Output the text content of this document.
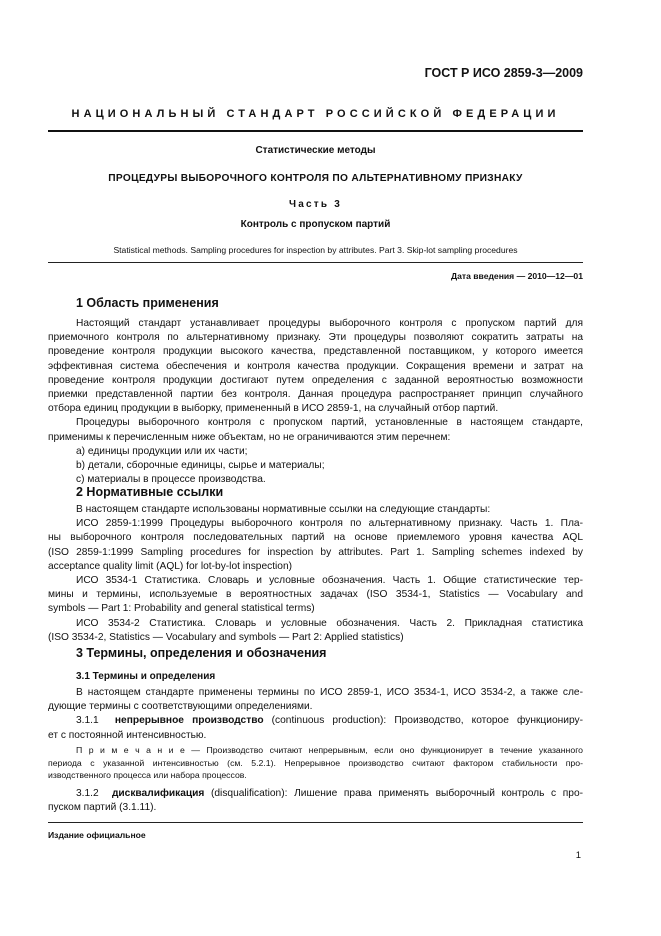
ГОСТ Р ИСО 2859-3—2009
НАЦИОНАЛЬНЫЙ СТАНДАРТ РОССИЙСКОЙ ФЕДЕРАЦИИ
Статистические методы
ПРОЦЕДУРЫ ВЫБОРОЧНОГО КОНТРОЛЯ ПО АЛЬТЕРНАТИВНОМУ ПРИЗНАКУ
Часть 3
Контроль с пропуском партий
Statistical methods. Sampling procedures for inspection by attributes. Part 3. Skip-lot sampling procedures
Дата введения — 2010—12—01
1 Область применения

Настоящий стандарт устанавливает процедуры выборочного контроля с пропуском партий для

приемочного контроля по альтернативному признаку. Эти процедуры позволяют сократить затраты на

проведение контроля продукции высокого качества, представленной поставщиком, у которого имеется

эффективная система обеспечения и контроля качества продукции. Сокращения времени и затрат на

проведение контроля продукции достигают путем определения с заданной вероятностью возможности

приемки представленной партии без контроля. Данная процедура распространяет принцип случайного

отбора единиц продукции в выборку, примененный в ИСО 2859-1, на случайный отбор партий.

Процедуры выборочного контроля с пропуском партий, установленные в настоящем стандарте,

применимы к перечисленным ниже объектам, но не ограничиваются этим перечнем:

а) единицы продукции или их части;

b) детали, сборочные единицы, сырье и материалы;

c) материалы в процессе производства.

2 Нормативные ссылки

В настоящем стандарте использованы нормативные ссылки на следующие стандарты:

ИСО 2859-1:1999 Процедуры выборочного контроля по альтернативному признаку. Часть 1. Пла-

ны выборочного контроля последовательных партий на основе приемлемого уровня качества AQL

(ISO 2859-1:1999 Sampling procedures for inspection by attributes. Part 1. Sampling schemes indexed by

acceptance quality limit (AQL) for lot-by-lot inspection)

ИСО 3534-1 Статистика. Словарь и условные обозначения. Часть 1. Общие статистические тер-

мины и термины, используемые в вероятностных задачах (ISO 3534-1, Statistics — Vocabulary and

symbols — Part 1: Probability and general statistical terms)

ИСО 3534-2 Статистика. Словарь и условные обозначения. Часть 2. Прикладная статистика

(ISO 3534-2, Statistics — Vocabulary and symbols — Part 2: Applied statistics)

3 Термины, определения и обозначения
3.1 Термины и определения

В настоящем стандарте применены термины по ИСО 2859-1, ИСО 3534-1, ИСО 3534-2, а также сле-

дующие термины с соответствующими определениями.

3.1.1 непрерывное производство (continuous production): Производство, которое функциониру-

ет с постоянной интенсивностью.

П р и м е ч а н и е — Производство считают непрерывным, если оно функционирует в течение указанного

периода с указанной интенсивностью (см. 5.2.1). Непрерывное производство считают фактором стабильности про-

изводственного процесса или набора процессов.

3.1.2 дисквалификация (disqualification): Лишение права применять выборочный контроль с про-

пуском партий (3.1.11).

Издание официальное
1
